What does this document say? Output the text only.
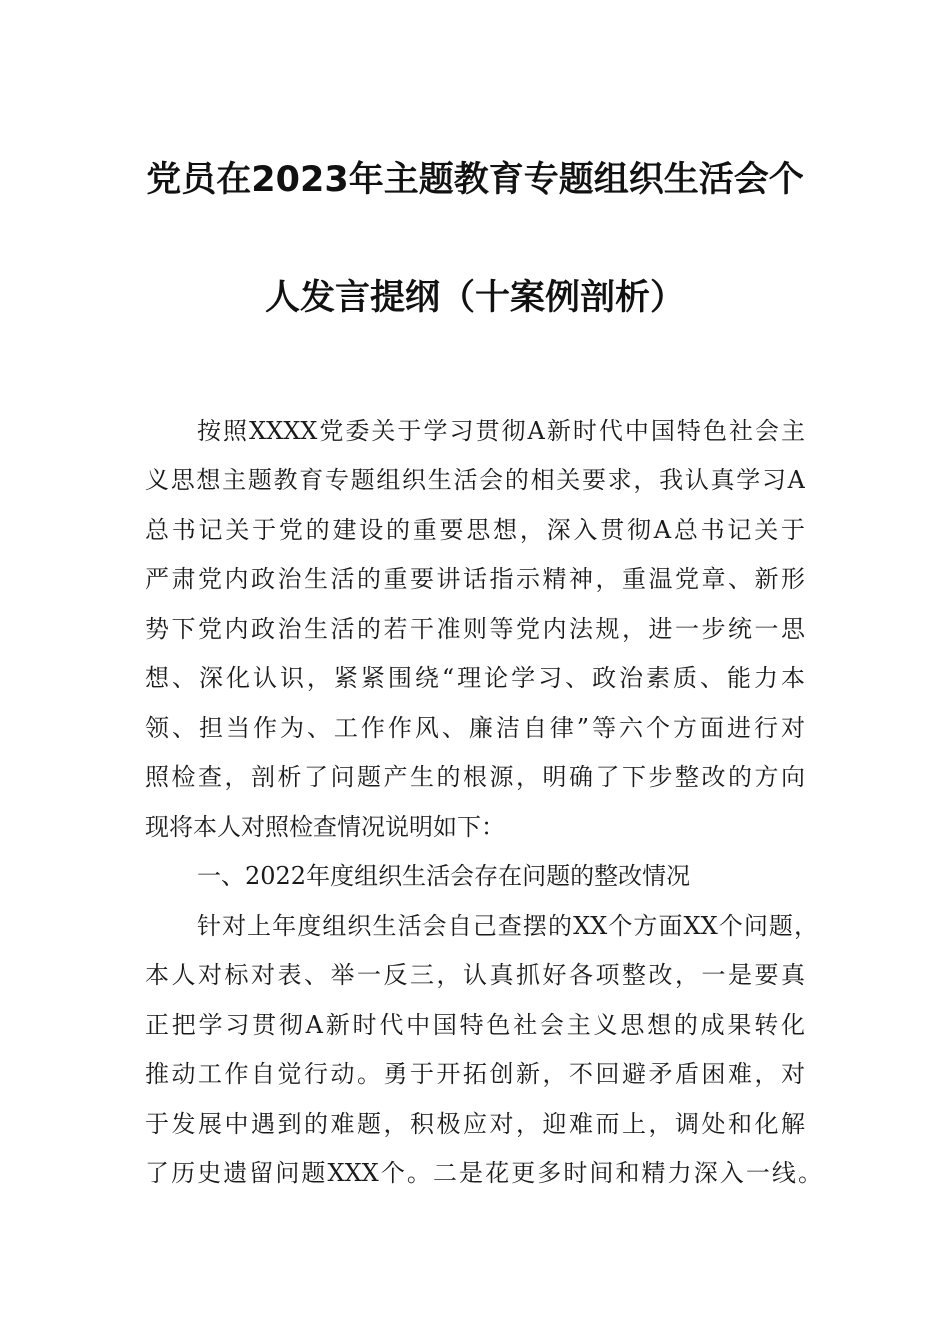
党员在2023年主题教育专题组织生活会个
人发言提纲（十案例剖析）
按照XXXX党委关于学习贯彻A新时代中国特色社会主
义思想主题教育专题组织生活会的相关要求，我认真学习A
总书记关于党的建设的重要思想，深入贯彻A总书记关于
严肃党内政治生活的重要讲话指示精神，重温党章、新形
势下党内政治生活的若干准则等党内法规，进一步统一思
想、深化认识，紧紧围绕“理论学习、政治素质、能力本
领、担当作为、工作作风、廉洁自律”等六个方面进行对
照检查，剖析了问题产生的根源，明确了下步整改的方向
现将本人对照检查情况说明如下：
一、2022年度组织生活会存在问题的整改情况
针对上年度组织生活会自己查摆的XX个方面XX个问题，
本人对标对表、举一反三，认真抓好各项整改，一是要真
正把学习贯彻A新时代中国特色社会主义思想的成果转化
推动工作自觉行动。勇于开拓创新，不回避矛盾困难，对
于发展中遇到的难题，积极应对，迎难而上，调处和化解
了历史遗留问题XXX个。二是花更多时间和精力深入一线。
